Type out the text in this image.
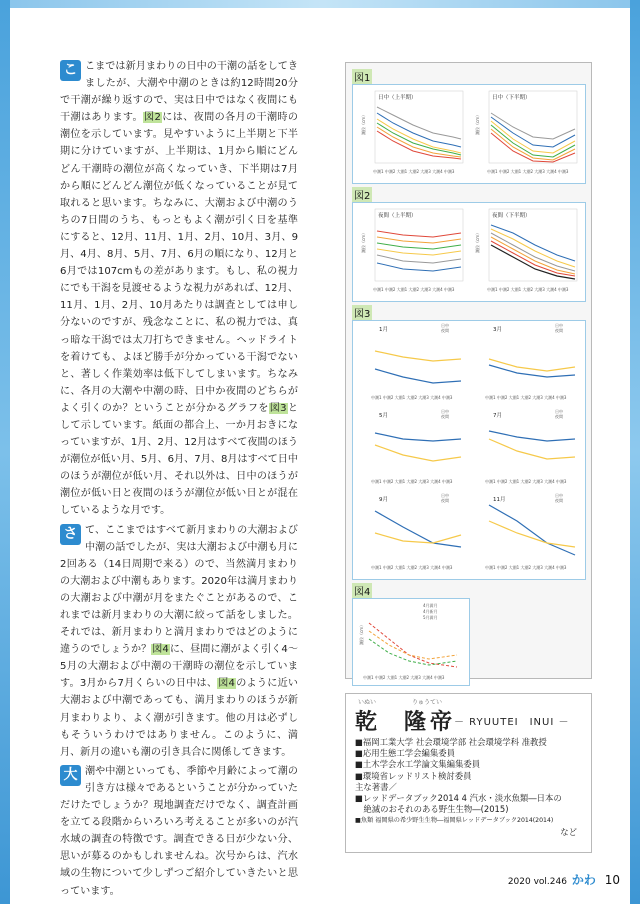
こ こまでは新月まわりの日中の干潮の話をしてきましたが、大潮や中潮のときは約12時間20分で干潮が繰り返すので、実は日中ではなく夜間にも干潮はあります。図2には、夜間の各月の干潮時の潮位を示しています。見やすいように上半期と下半期に分けていますが、上半期は、1月から順にどんどん干潮時の潮位が高くなっていき、下半期は7月から順にどんどん潮位が低くなっていることが見て取れると思います。ちなみに、大潮および中潮のうちの7日間のうち、もっともよく潮が引く日を基準にすると、12月、11月、1月、2月、10月、3月、9月、4月、8月、5月、7月、6月の順になり、12月と6月では107cmもの差があります。もし、私の視力にでも干潟を見渡せるような視力があれば、12月、11月、1月、2月、10月あたりは調査としては申し分ないのですが、残念なことに、私の視力では、真っ暗な干潟では太刀打ちできません。ヘッドライトを着けても、よほど勝手が分かっている干潟でないと、著しく作業効率は低下してしまいます。ちなみに、各月の大潮や中潮の時、日中か夜間のどちらがよく引くのか？ということが分かるグラフを図3として示しています。紙面の都合上、一か月おきになっていますが、1月、2月、12月はすべて夜間のほうが潮位が低い月、5月、6月、7月、8月はすべて日中のほうが潮位が低い月、それ以外は、日中のほうが潮位が低い日と夜間のほうが潮位が低い日とが混在しているような月です。

さ て、ここまではすべて新月まわりの大潮および中潮の話でしたが、実は大潮および中潮も月に2回ある（14日周期で来る）ので、当然満月まわりの大潮および中潮もあります。2020年は満月まわりの大潮および中潮が月をまたぐことがあるので、これまでは新月まわりの大潮に絞って話をしました。それでは、新月まわりと満月まわりではどのように違うのでしょうか？図4に、昼間に潮がよく引く4～5月の大潮および中潮の干潮時の潮位を示しています。3月から7月くらいの日中は、図4のように近い大潮および中潮であっても、満月まわりのほうが新月まわりより、よく潮が引きます。他の月は必ずしもそういうわけではありません。このように、満月、新月の違いも潮の引き具合に関係してきます。

大 潮や中潮といっても、季節や月齢によって潮の引き方は様々であるということが分かっていただけたでしょうか？現地調査だけでなく、調査計画を立てる段階からいろいろ考えることが多いのが汽水域の調査の特徴です。調査できる日が少ない分、思いが募るのかもしれませんね。次号からは、汽水域の生物について少しずつご紹介していきたいと思っています。

図1
日中（上半期）
潮位（cm）
中潮1 中潮2 大潮1 大潮2 大潮3 大潮4 中潮3
日中（下半期）
潮位（cm）
中潮1 中潮2 大潮1 大潮2 大潮3 大潮4 中潮3
図2
夜間（上半期）
潮位（cm）
中潮1 中潮2 大潮1 大潮2 大潮3 大潮4 中潮3
夜間（下半期）
潮位（cm）
中潮1 中潮2 大潮1 大潮2 大潮3 大潮4 中潮3
図3
1月
日中
夜間
中潮1 中潮2 大潮1 大潮2 大潮3 大潮4 中潮3
3月
日中
夜間
中潮1 中潮2 大潮1 大潮2 大潮3 大潮4 中潮3
5月
日中
夜間
中潮1 中潮2 大潮1 大潮2 大潮3 大潮4 中潮3
7月
日中
夜間
中潮1 中潮2 大潮1 大潮2 大潮3 大潮4 中潮3
9月
日中
夜間
中潮1 中潮2 大潮1 大潮2 大潮3 大潮4 中潮3
11月
日中
夜間
中潮1 中潮2 大潮1 大潮2 大潮3 大潮4 中潮3
図4
4月満月
4月新月
5月満月
潮位（cm）
中潮1 中潮2 大潮1 大潮2 大潮3 大潮4 中潮3
いぬい	りゅうてい
乾 隆帝
－ RYUUTEI　INUI －
■福岡工業大学 社会環境学部 社会環境学科 准教授
■応用生態工学会編集委員
■土木学会水工学論文集編集委員
■環境省レッドリスト検討委員
主な著書／
■レッドデータブック2014 4 汽水・淡水魚類―日本の
　絶滅のおそれのある野生生物―(2015)
■魚類 福岡県の希少野生生物―福岡県レッドデータブック2014(2014)
など
2020 vol.246 かわ 10
